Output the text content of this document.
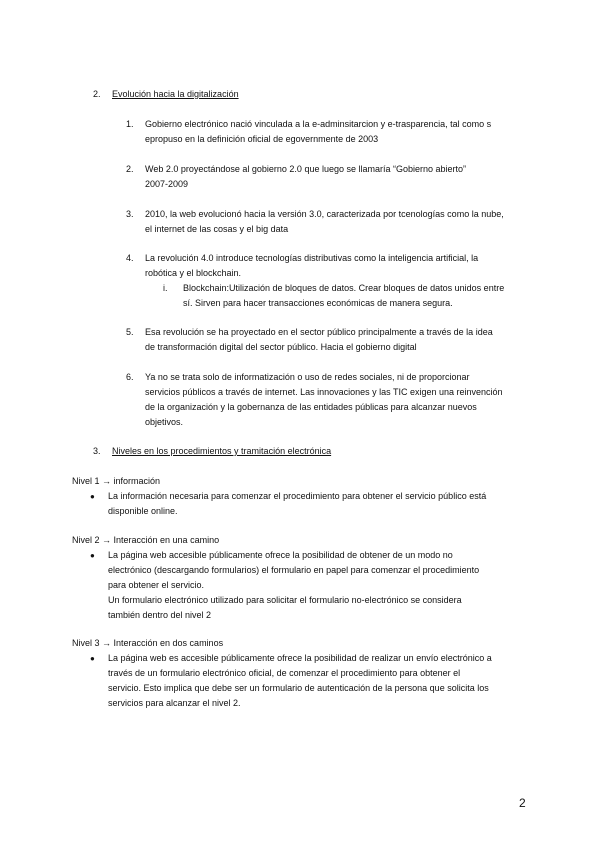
2. Evolución hacia la digitalización
1. Gobierno electrónico nació vinculada a la e-adminsitarcion y e-trasparencia, tal como s
epropuso en la definición oficial de egovernmente de 2003
2. Web 2.0 proyectándose al gobierno 2.0 que luego se llamaría “Gobierno abierto”
2007-2009
3. 2010, la web evolucionó hacia la versión 3.0, caracterizada por tcenologías como la nube,
el internet de las cosas y el big data
4. La revolución 4.0 introduce tecnologías distributivas como la inteligencia artificial, la
robótica y el blockchain.
i. Blockchain:Utilización de bloques de datos. Crear bloques de datos unidos entre
sí. Sirven para hacer transacciones económicas de manera segura.
5. Esa revolución se ha proyectado en el sector público principalmente a través de la idea
de transformación digital del sector público. Hacia el gobierno digital
6. Ya no se trata solo de informatización o uso de redes sociales, ni de proporcionar
servicios públicos a través de internet. Las innovaciones y las TIC exigen una reinvención
de la organización y la gobernanza de las entidades públicas para alcanzar nuevos
objetivos.
3. Niveles en los procedimientos y tramitación electrónica
Nivel 1 → información
● La información necesaria para comenzar el procedimiento para obtener el servicio público está
disponible online.
Nivel 2 → Interacción en una camino
● La página web accesible públicamente ofrece la posibilidad de obtener de un modo no
electrónico (descargando formularios) el formulario en papel para comenzar el procedimiento
para obtener el servicio.
Un formulario electrónico utilizado para solicitar el formulario no-electrónico se considera
también dentro del nivel 2
Nivel 3 → Interacción en dos caminos
● La página web es accesible públicamente ofrece la posibilidad de realizar un envío electrónico a
través de un formulario electrónico oficial, de comenzar el procedimiento para obtener el
servicio. Esto implica que debe ser un formulario de autenticación de la persona que solicita los
servicios para alcanzar el nivel 2.
2
